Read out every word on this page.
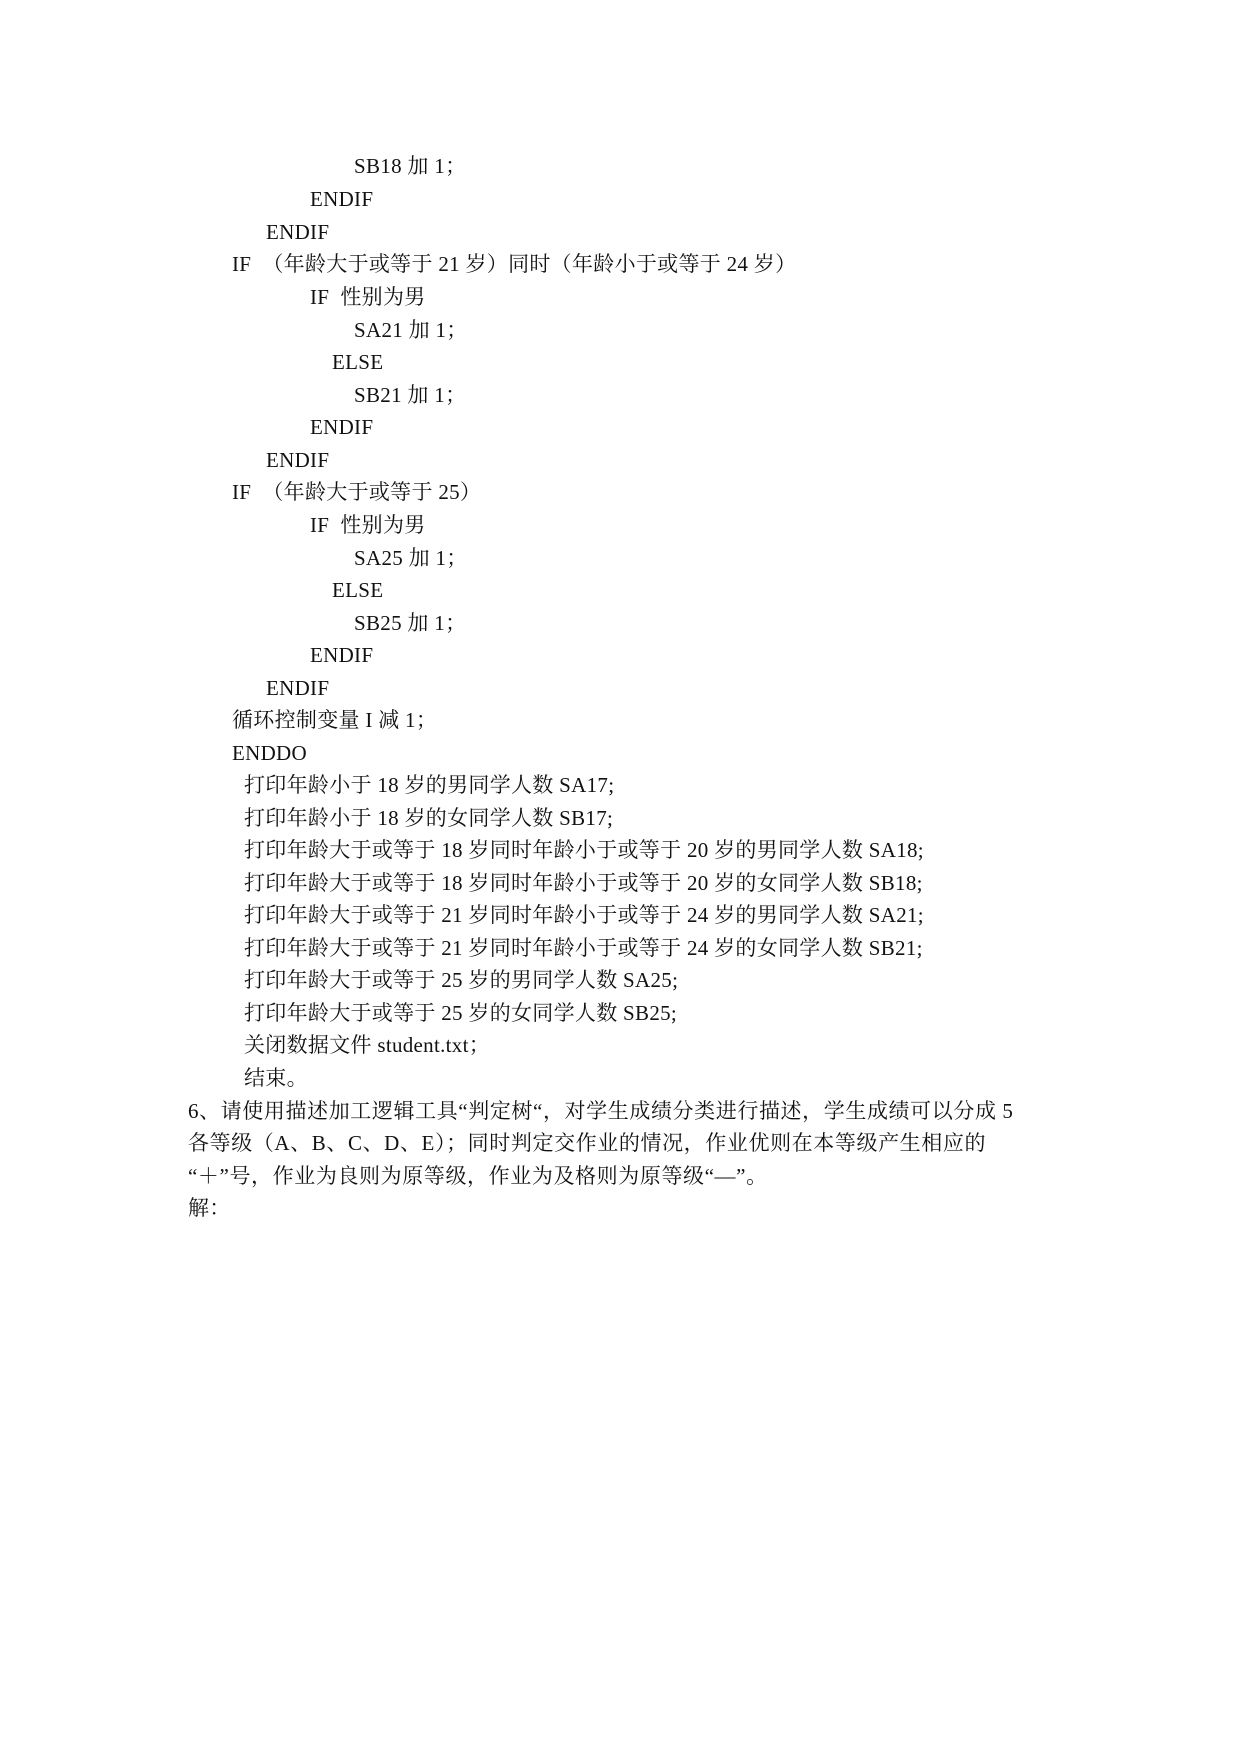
SB18 加 1；
ENDIF
ENDIF
IF  （年龄大于或等于 21 岁）同时（年龄小于或等于 24 岁）
IF  性别为男
SA21 加 1；
ELSE
SB21 加 1；
ENDIF
ENDIF
IF  （年龄大于或等于 25）
IF  性别为男
SA25 加 1；
ELSE
SB25 加 1；
ENDIF
ENDIF
循环控制变量 I 减 1；
ENDDO
打印年龄小于 18 岁的男同学人数 SA17;
打印年龄小于 18 岁的女同学人数 SB17;
打印年龄大于或等于 18 岁同时年龄小于或等于 20 岁的男同学人数 SA18;
打印年龄大于或等于 18 岁同时年龄小于或等于 20 岁的女同学人数 SB18;
打印年龄大于或等于 21 岁同时年龄小于或等于 24 岁的男同学人数 SA21;
打印年龄大于或等于 21 岁同时年龄小于或等于 24 岁的女同学人数 SB21;
打印年龄大于或等于 25 岁的男同学人数 SA25;
打印年龄大于或等于 25 岁的女同学人数 SB25;
关闭数据文件 student.txt；
结束。
6、请使用描述加工逻辑工具“判定树“，对学生成绩分类进行描述，学生成绩可以分成 5
各等级（A、B、C、D、E）；同时判定交作业的情况，作业优则在本等级产生相应的
“＋”号，作业为良则为原等级，作业为及格则为原等级“—”。
解：
